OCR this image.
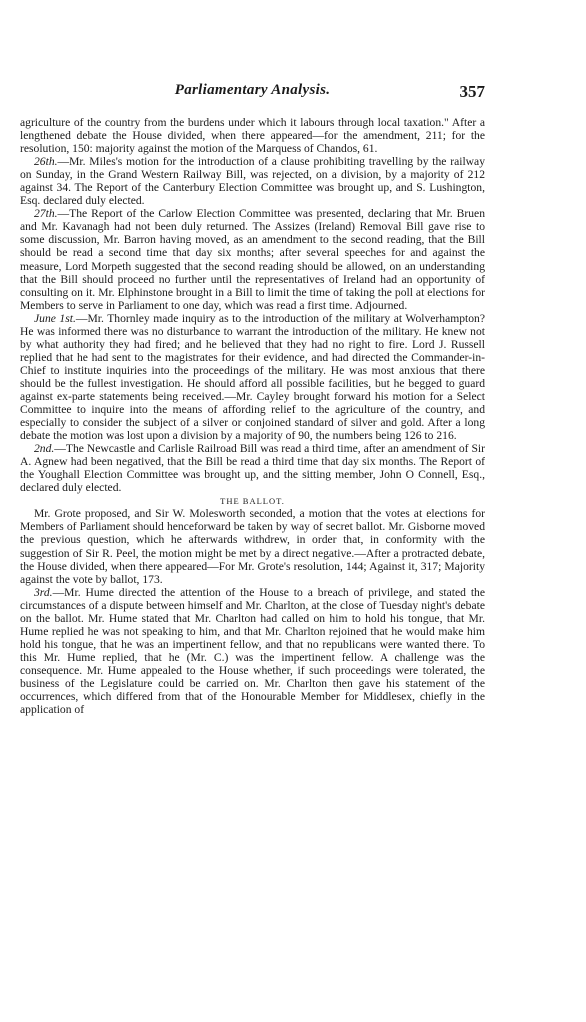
Parliamentary Analysis.	357

agriculture of the country from the burdens under which it labours through local taxation." After a lengthened debate the House divided, when there appeared—for the amendment, 211; for the resolution, 150: majority against the motion of the Marquess of Chandos, 61.

26th.—Mr. Miles's motion for the introduction of a clause prohibiting travelling by the railway on Sunday, in the Grand Western Railway Bill, was rejected, on a division, by a majority of 212 against 34. The Report of the Canterbury Election Committee was brought up, and S. Lushington, Esq. declared duly elected.

27th.—The Report of the Carlow Election Committee was presented, declaring that Mr. Bruen and Mr. Kavanagh had not been duly returned. The Assizes (Ireland) Removal Bill gave rise to some discussion, Mr. Barron having moved, as an amendment to the second reading, that the Bill should be read a second time that day six months; after several speeches for and against the measure, Lord Morpeth suggested that the second reading should be allowed, on an understanding that the Bill should proceed no further until the representatives of Ireland had an opportunity of consulting on it. Mr. Elphinstone brought in a Bill to limit the time of taking the poll at elections for Members to serve in Parliament to one day, which was read a first time. Adjourned.

June 1st.—Mr. Thornley made inquiry as to the introduction of the military at Wolverhampton? He was informed there was no disturbance to warrant the introduction of the military. He knew not by what authority they had fired; and he believed that they had no right to fire. Lord J. Russell replied that he had sent to the magistrates for their evidence, and had directed the Commander-in-Chief to institute inquiries into the proceedings of the military. He was most anxious that there should be the fullest investigation. He should afford all possible facilities, but he begged to guard against ex-parte statements being received.—Mr. Cayley brought forward his motion for a Select Committee to inquire into the means of affording relief to the agriculture of the country, and especially to consider the subject of a silver or conjoined standard of silver and gold. After a long debate the motion was lost upon a division by a majority of 90, the numbers being 126 to 216.

2nd.—The Newcastle and Carlisle Railroad Bill was read a third time, after an amendment of Sir A. Agnew had been negatived, that the Bill be read a third time that day six months. The Report of the Youghall Election Committee was brought up, and the sitting member, John O Connell, Esq., declared duly elected.

THE BALLOT.

Mr. Grote proposed, and Sir W. Molesworth seconded, a motion that the votes at elections for Members of Parliament should henceforward be taken by way of secret ballot. Mr. Gisborne moved the previous question, which he afterwards withdrew, in order that, in conformity with the suggestion of Sir R. Peel, the motion might be met by a direct negative.—After a protracted debate, the House divided, when there appeared—For Mr. Grote's resolution, 144; Against it, 317; Majority against the vote by ballot, 173.

3rd.—Mr. Hume directed the attention of the House to a breach of privilege, and stated the circumstances of a dispute between himself and Mr. Charlton, at the close of Tuesday night's debate on the ballot. Mr. Hume stated that Mr. Charlton had called on him to hold his tongue, that Mr. Hume replied he was not speaking to him, and that Mr. Charlton rejoined that he would make him hold his tongue, that he was an impertinent fellow, and that no republicans were wanted there. To this Mr. Hume replied, that he (Mr. C.) was the impertinent fellow. A challenge was the consequence. Mr. Hume appealed to the House whether, if such proceedings were tolerated, the business of the Legislature could be carried on. Mr. Charlton then gave his statement of the occurrences, which differed from that of the Honourable Member for Middlesex, chiefly in the application of
